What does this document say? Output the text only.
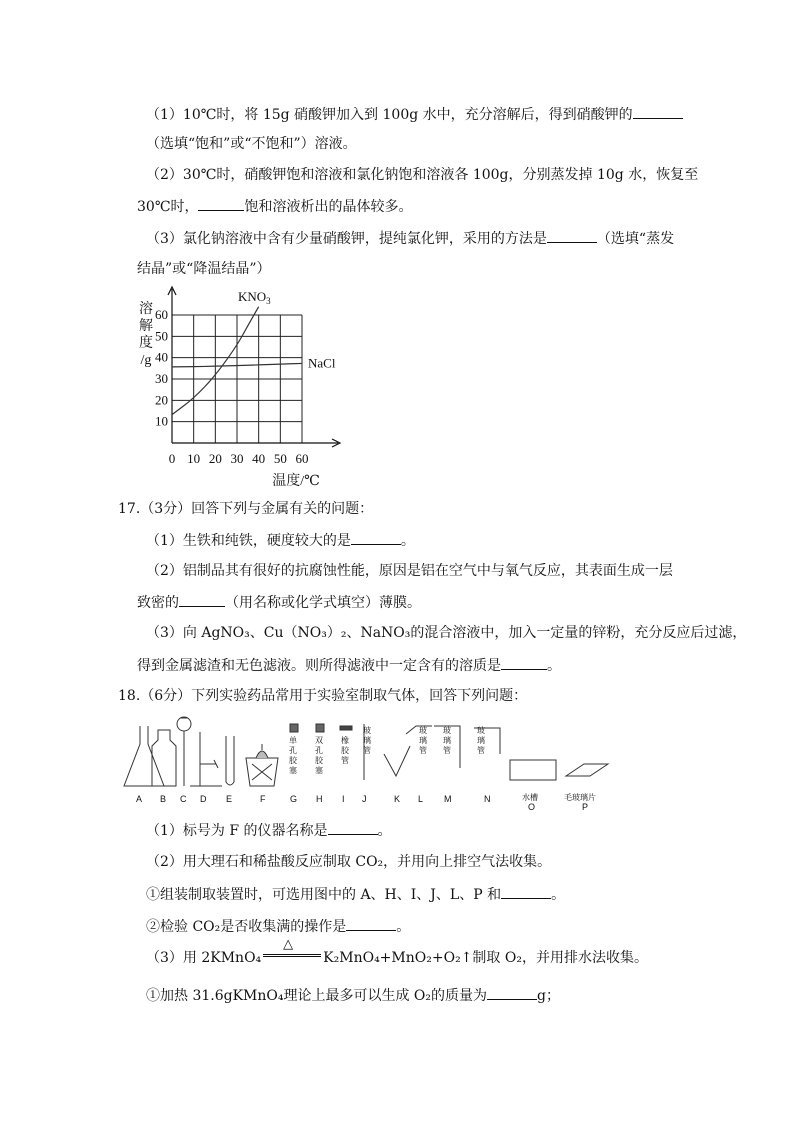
（1）10℃时，将 15g 硝酸钾加入到 100g 水中，充分溶解后，得到硝酸钾的
（选填“饱和”或“不饱和”）溶液。
（2）30℃时，硝酸钾饱和溶液和氯化钠饱和溶液各 100g，分别蒸发掉 10g 水，恢复至
30℃时，	饱和溶液析出的晶体较多。
（3）氯化钠溶液中含有少量硝酸钾，提纯氯化钾，采用的方法是	（选填“蒸发
结晶”或“降温结晶”）
10
20
30
40
50
60
0 10 20 30 40 50 60
溶
解
度
/g
温度/℃
$KNO_3$
NaCl
17.（3分）回答下列与金属有关的问题：
（1）生铁和纯铁，硬度较大的是	。
（2）铝制品其有很好的抗腐蚀性能，原因是铝在空气中与氧气反应，其表面生成一层
致密的	（用名称或化学式填空）薄膜。
（3）向 AgNO₃、Cu（NO₃）₂、NaNO₃的混合溶液中，加入一定量的锌粉，充分反应后过滤，
得到金属滤渣和无色滤液。则所得滤液中一定含有的溶质是	。
18.（6分）下列实验药品常用于实验室制取气体，回答下列问题：
A B C D E	F	G H I J	K L M	N
O	P
单孔胶塞
双孔胶塞
橡胶管
玻璃管
玻璃管
玻璃管
玻璃管
水槽	毛玻璃片
（1）标号为 F 的仪器名称是	。
（2）用大理石和稀盐酸反应制取 CO₂，并用向上排空气法收集。
①组装制取装置时，可选用图中的 A、H、I、J、L、P 和	。
②检验 CO₂是否收集满的操作是	。
（3）用 2KMnO₄
△
K₂MnO₄+MnO₂+O₂↑制取 O₂，并用排水法收集。
①加热 31.6gKMnO₄理论上最多可以生成 O₂的质量为	g；
